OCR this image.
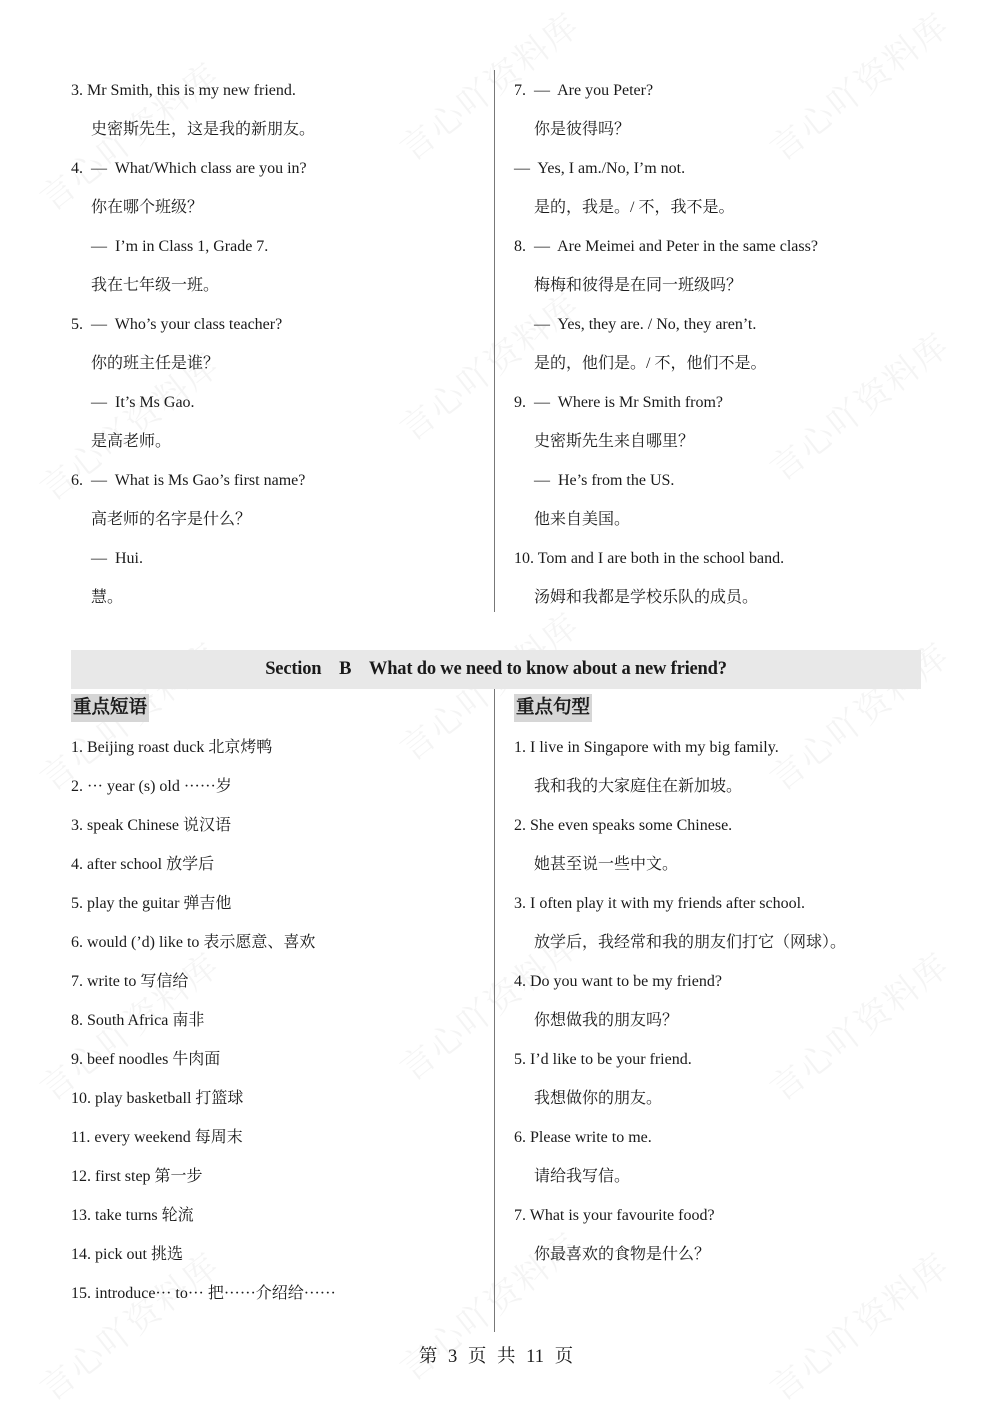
3. Mr Smith, this is my new friend.
史密斯先生，这是我的新朋友。
4. — What/Which class are you in?
你在哪个班级？
— I’m in Class 1, Grade 7.
我在七年级一班。
5. — Who’s your class teacher?
你的班主任是谁？
— It’s Ms Gao.
是高老师。
6. — What is Ms Gao’s first name?
高老师的名字是什么？
— Hui.
慧。
7. — Are you Peter?
你是彼得吗？
— Yes, I am./No, I’m not.
是的，我是。/ 不，我不是。
8. — Are Meimei and Peter in the same class?
梅梅和彼得是在同一班级吗？
— Yes, they are. / No, they aren’t.
是的，他们是。/ 不，他们不是。
9. — Where is Mr Smith from?
史密斯先生来自哪里？
— He’s from the US.
他来自美国。
10. Tom and I are both in the school band.
汤姆和我都是学校乐队的成员。
Section
B
What do we need to know about a new friend?
重点短语	重点句型
1. Beijing roast duck 北京烤鸭
2. ··· year (s) old ······岁
3. speak Chinese 说汉语
4. after school 放学后
5. play the guitar 弹吉他
6. would (’d) like to 表示愿意、喜欢
7. write to 写信给
8. South Africa 南非
9. beef noodles 牛肉面
10. play basketball 打篮球
11. every weekend 每周末
12. first step 第一步
13. take turns 轮流
14. pick out 挑选
15. introduce··· to··· 把······介绍给······
1. I live in Singapore with my big family.
我和我的大家庭住在新加坡。
2. She even speaks some Chinese.
她甚至说一些中文。
3. I often play it with my friends after school.
放学后，我经常和我的朋友们打它（网球）。
4. Do you want to be my friend?
你想做我的朋友吗？
5. I’d like to be your friend.
我想做你的朋友。
6. Please write to me.
请给我写信。
7. What is your favourite food?
你最喜欢的食物是什么？
第 3 页 共 11 页
